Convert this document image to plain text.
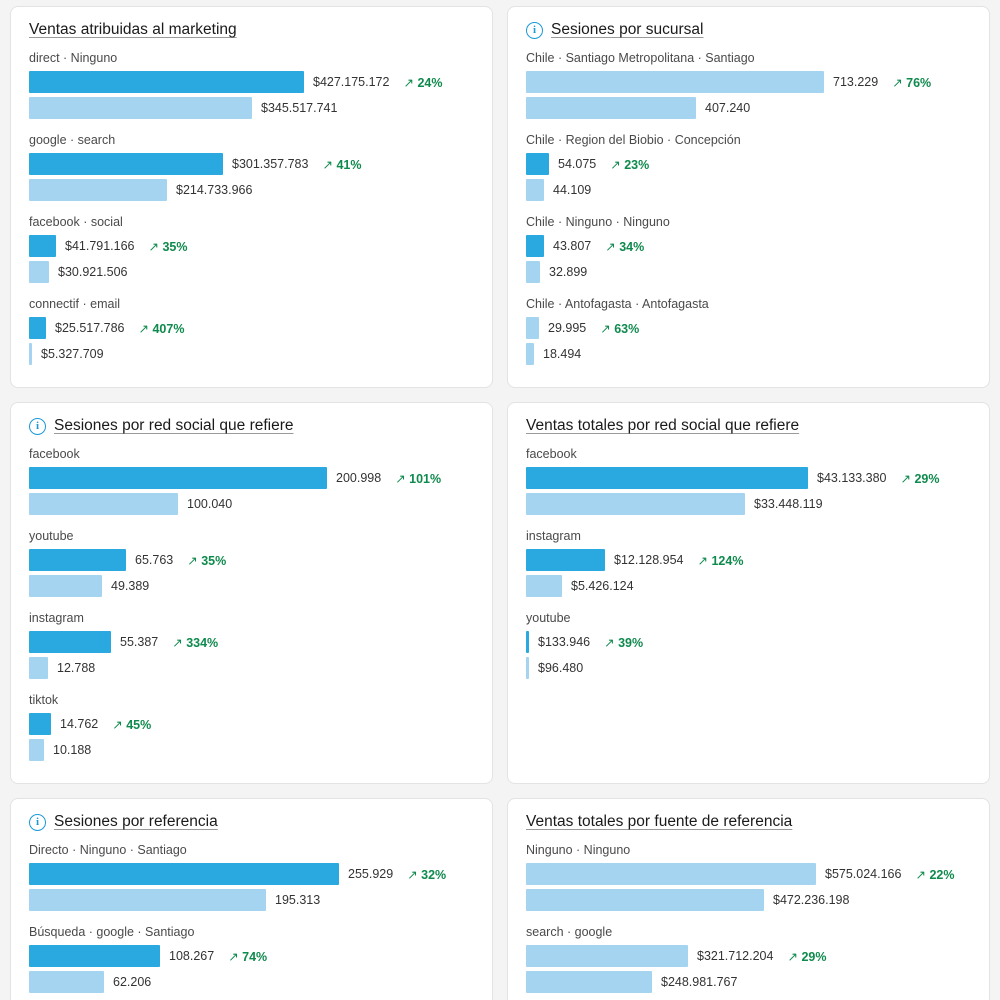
Ventas atribuidas al marketing
direct · Ninguno
$427.175.172 ↗ 24%
$345.517.741
google · search
$301.357.783 ↗ 41%
$214.733.966
facebook · social
$41.791.166 ↗ 35%
$30.921.506
connectif · email
$25.517.786 ↗ 407%
$5.327.709
i Sesiones por sucursal
Chile · Santiago Metropolitana · Santiago
713.229 ↗ 76%
407.240
Chile · Region del Biobio · Concepción
54.075 ↗ 23%
44.109
Chile · Ninguno · Ninguno
43.807 ↗ 34%
32.899
Chile · Antofagasta · Antofagasta
29.995 ↗ 63%
18.494
i Sesiones por red social que refiere
facebook
200.998 ↗ 101%
100.040
youtube
65.763 ↗ 35%
49.389
instagram
55.387 ↗ 334%
12.788
tiktok
14.762 ↗ 45%
10.188
Ventas totales por red social que refiere
facebook
$43.133.380 ↗ 29%
$33.448.119
instagram
$12.128.954 ↗ 124%
$5.426.124
youtube
$133.946 ↗ 39%
$96.480
i Sesiones por referencia
Directo · Ninguno · Santiago
255.929 ↗ 32%
195.313
Búsqueda · google · Santiago
108.267 ↗ 74%
62.206
Ventas totales por fuente de referencia
Ninguno · Ninguno
$575.024.166 ↗ 22%
$472.236.198
search · google
$321.712.204 ↗ 29%
$248.981.767
